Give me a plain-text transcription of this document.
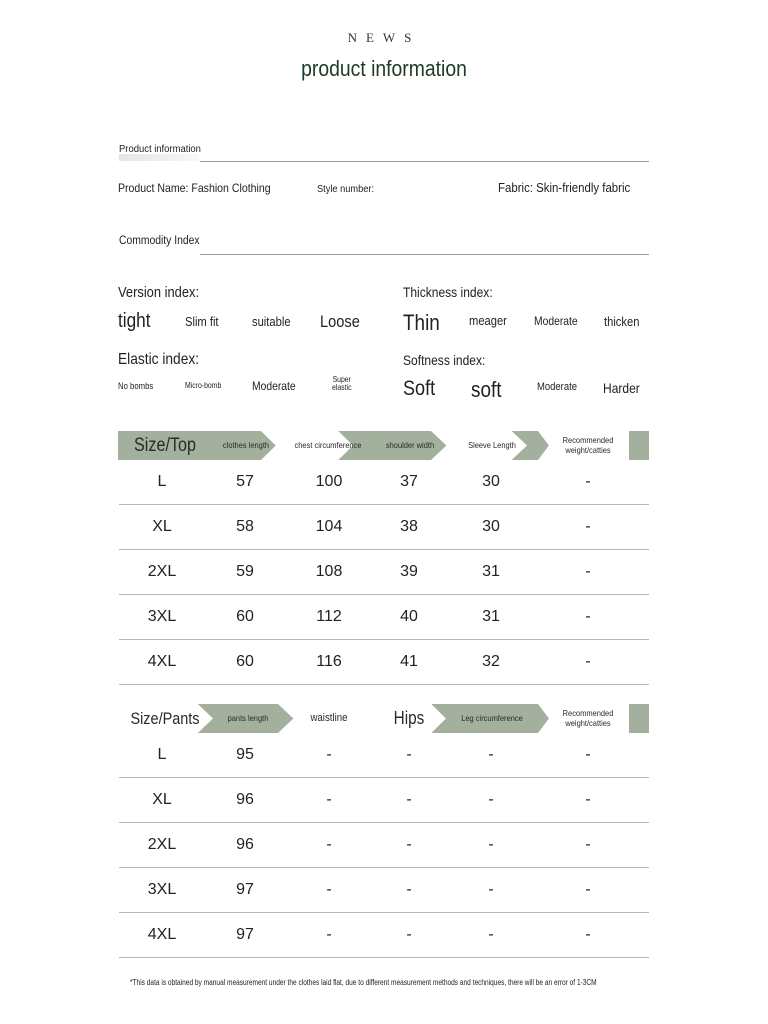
NEWS
product information
Product information
Product Name: Fashion Clothing	Style number:	Fabric: Skin-friendly fabric
Commodity Index
Version index:
tight	Slim fit	suitable Loose
Thickness index:
Thin meager Moderate thicken
Elastic index:
No bombs	Micro-bomb	Moderate	Super elastic
Softness index:
Soft soft	Moderate Harder
Size/Top	clothes length	chest circumference	shoulder width	Sleeve Length	Recommended weight/catties
L	57	100	37	30	-
XL	58	104	38	30	-
2XL	59	108	39	31	-
3XL	60	112	40	31	-
4XL	60	116	41	32	-
Size/Pants	pants length	waistline	Hips	Leg circumference	Recommended weight/catties
L	95	-	-	-	-
XL	96	-	-	-	-
2XL	96	-	-	-	-
3XL	97	-	-	-	-
4XL	97	-	-	-	-
*This data is obtained by manual measurement under the clothes laid flat, due to different measurement methods and techniques, there will be an error of 1-3CM
